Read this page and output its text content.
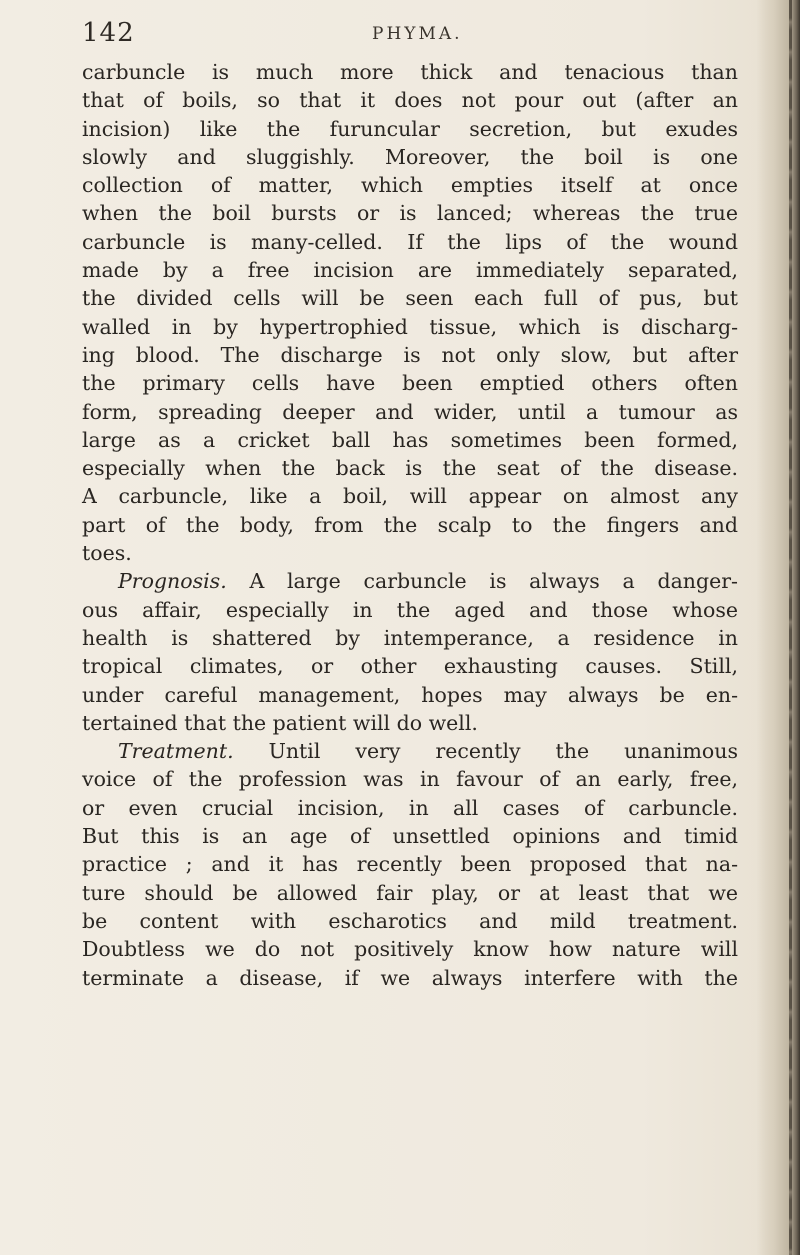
142	PHYMA.
carbuncle is much more thick and tenacious than
that of boils, so that it does not pour out (after an
incision) like the furuncular secretion, but exudes
slowly and sluggishly. Moreover, the boil is one
collection of matter, which empties itself at once
when the boil bursts or is lanced; whereas the true
carbuncle is many-celled. If the lips of the wound
made by a free incision are immediately separated,
the divided cells will be seen each full of pus, but
walled in by hypertrophied tissue, which is discharg-
ing blood. The discharge is not only slow, but after
the primary cells have been emptied others often
form, spreading deeper and wider, until a tumour as
large as a cricket ball has sometimes been formed,
especially when the back is the seat of the disease.
A carbuncle, like a boil, will appear on almost any
part of the body, from the scalp to the fingers and
toes.
Prognosis. A large carbuncle is always a danger-
ous affair, especially in the aged and those whose
health is shattered by intemperance, a residence in
tropical climates, or other exhausting causes. Still,
under careful management, hopes may always be en-
tertained that the patient will do well.
Treatment. Until very recently the unanimous
voice of the profession was in favour of an early, free,
or even crucial incision, in all cases of carbuncle.
But this is an age of unsettled opinions and timid
practice ; and it has recently been proposed that na-
ture should be allowed fair play, or at least that we
be content with escharotics and mild treatment.
Doubtless we do not positively know how nature will
terminate a disease, if we always interfere with the
